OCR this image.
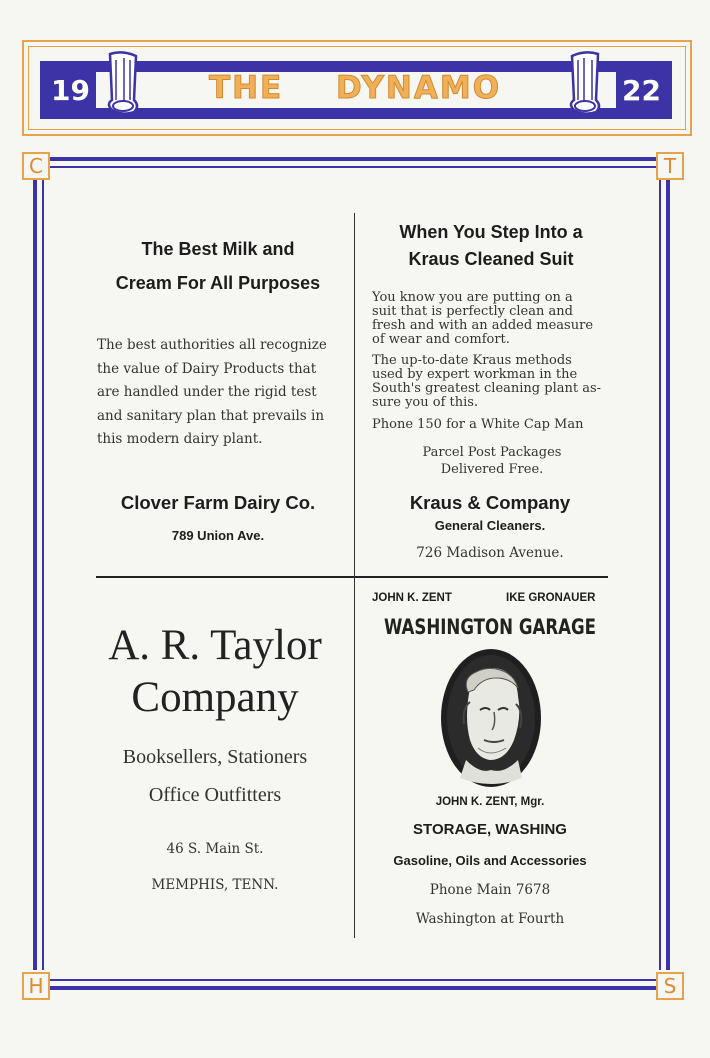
19	22
THE DYNAMO
C	T
H	S
The Best Milk and
Cream For All Purposes
The best authorities all recognize
the value of Dairy Products that
are handled under the rigid test
and sanitary plan that prevails in
this modern dairy plant.
Clover Farm Dairy Co.
789 Union Ave.
When You Step Into a
Kraus Cleaned Suit
You know you are putting on a
suit that is perfectly clean and
fresh and with an added measure
of wear and comfort.
The up-to-date Kraus methods
used by expert workman in the
South's greatest cleaning plant as-
sure you of this.
Phone 150 for a White Cap Man
Parcel Post Packages
Delivered Free.
Kraus & Company
General Cleaners.
726 Madison Avenue.
A. R. Taylor
Company
Booksellers, Stationers
Office Outfitters
46 S. Main St.
MEMPHIS, TENN.
JOHN K. ZENT	IKE GRONAUER
WASHINGTON GARAGE
JOHN K. ZENT, Mgr.
STORAGE, WASHING
Gasoline, Oils and Accessories
Phone Main 7678
Washington at Fourth
